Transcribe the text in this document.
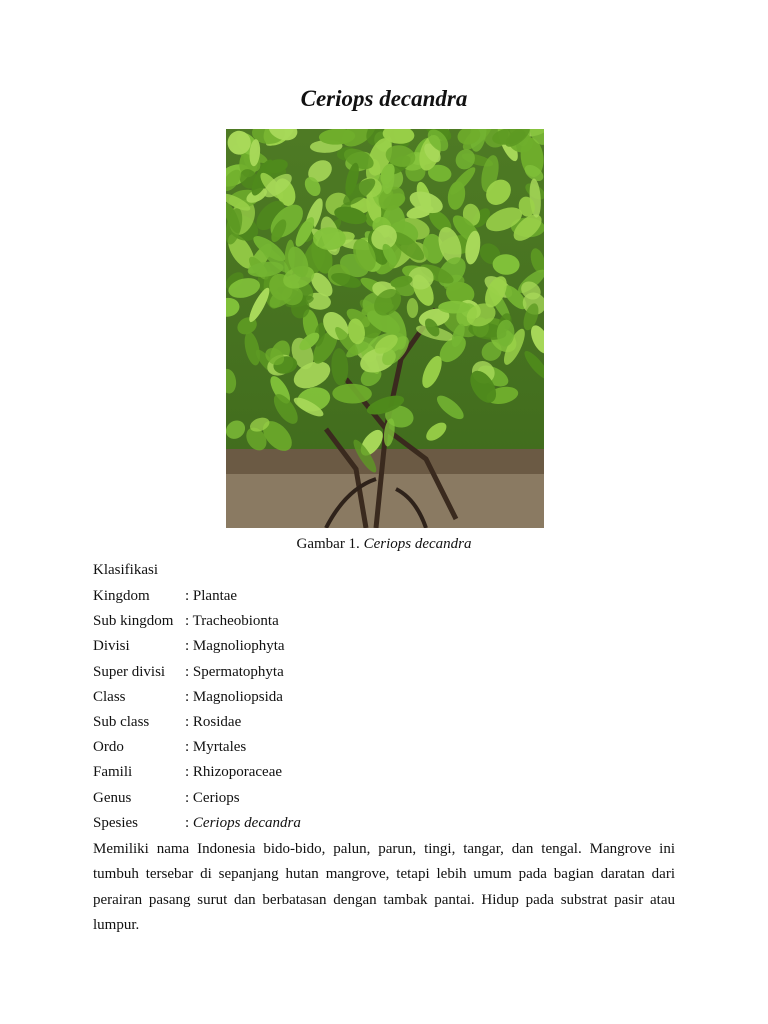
Ceriops decandra
Gambar 1. Ceriops decandra
Klasifikasi
Kingdom	: Plantae
Sub kingdom : Tracheobionta
Divisi	: Magnoliophyta
Super divisi	: Spermatophyta
Class	: Magnoliopsida
Sub class	: Rosidae
Ordo	: Myrtales
Famili	: Rhizoporaceae
Genus	: Ceriops
Spesies	: Ceriops decandra

Memiliki nama Indonesia bido-bido, palun, parun, tingi, tangar, dan tengal. Mangrove ini tumbuh tersebar di sepanjang hutan mangrove, tetapi lebih umum pada bagian daratan dari perairan pasang surut dan berbatasan dengan tambak pantai. Hidup pada substrat pasir atau lumpur.
